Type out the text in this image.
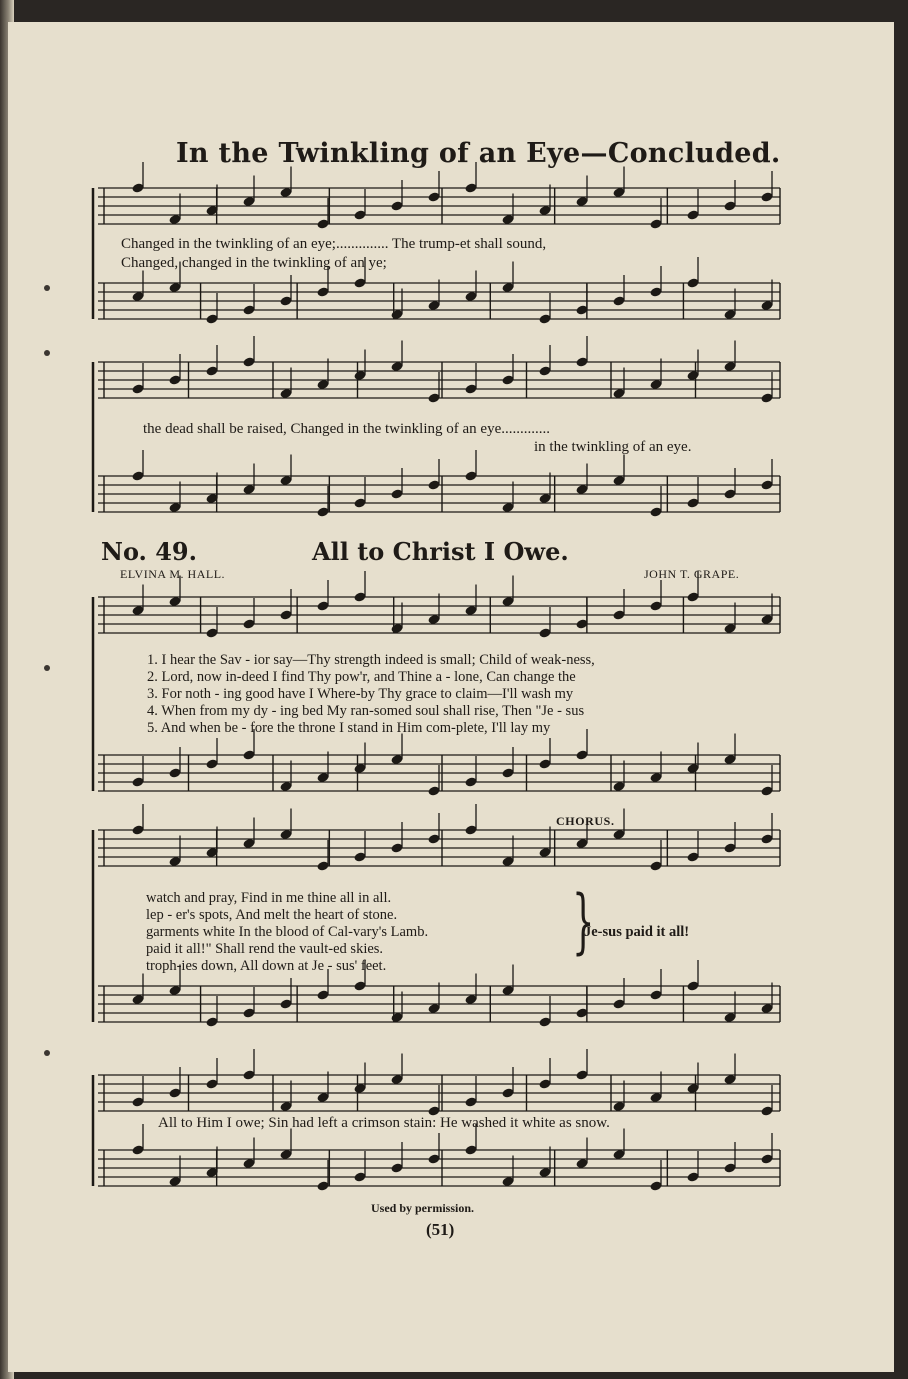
In the Twinkling of an Eye—Concluded.
Changed in the twinkling of an eye;.............. The trump-et shall sound,
Changed, changed in the twinkling of an ye;
the dead shall be raised, Changed in the twinkling of an eye.............
in the twinkling of an eye.
No. 49.	All to Christ I Owe.
ELVINA M. HALL.	JOHN T. GRAPE.
1. I hear the Sav - ior say—Thy strength indeed is small; Child of weak-ness,
2. Lord, now in-deed I find Thy pow'r, and Thine a - lone, Can change the
3. For noth - ing good have I Where-by Thy grace to claim—I'll wash my
4. When from my dy - ing bed My ran-somed soul shall rise, Then "Je - sus
5. And when be - fore the throne I stand in Him com-plete, I'll lay my
CHORUS.
watch and pray, Find in me thine all in all.
lep - er's spots, And melt the heart of stone.
garments white In the blood of Cal-vary's Lamb.
paid it all!" Shall rend the vault-ed skies.
troph-ies down, All down at Je - sus' feet.
}
Je-sus paid it all!
All to Him I owe; Sin had left a crimson stain: He washed it white as snow.
Used by permission.
(51)
